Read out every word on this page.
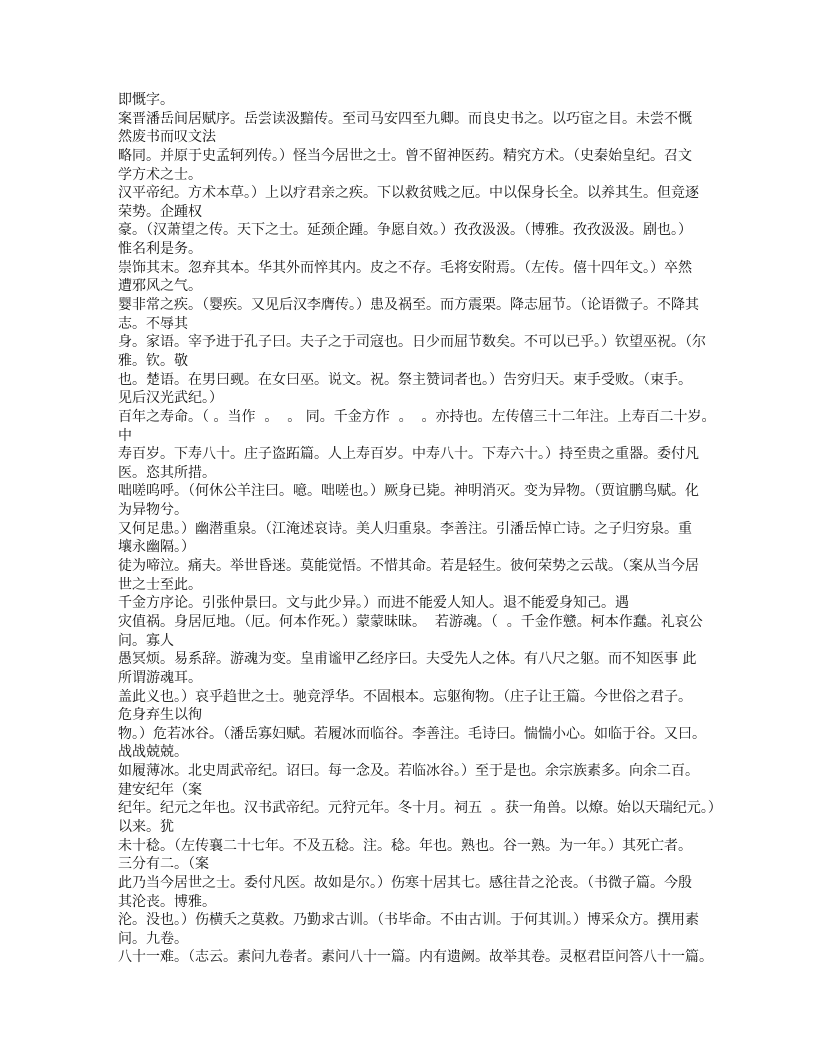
即慨字。
案晋潘岳间居赋序。岳尝读汲黯传。至司马安四至九卿。而良史书之。以巧宦之目。未尝不慨
然废书而叹文法
略同。并原于史孟轲列传。）怪当今居世之士。曾不留神医药。精究方术。（史秦始皇纪。召文
学方术之士。
汉平帝纪。方术本草。）上以疗君亲之疾。下以救贫贱之厄。中以保身长全。以养其生。但竞逐
荣势。企踵权
豪。（汉萧望之传。天下之士。延颈企踵。争愿自效。）孜孜汲汲。（博雅。孜孜汲汲。剧也。）
惟名利是务。
崇饰其末。忽弃其本。华其外而悴其内。皮之不存。毛将安附焉。（左传。僖十四年文。）卒然
遭邪风之气。
婴非常之疾。（婴疾。又见后汉李膺传。）患及祸至。而方震栗。降志屈节。（论语微子。不降其
志。不辱其
身。家语。宰予进于孔子曰。夫子之于司寇也。日少而屈节数矣。不可以已乎。）钦望巫祝。（尔
雅。钦。敬
也。楚语。在男曰觋。在女曰巫。说文。祝。祭主赞词者也。）告穷归天。束手受败。（束手。
见后汉光武纪。）
百年之寿命。（ 。当作  。  。 同。千金方作  。  。亦持也。左传僖三十二年注。上寿百二十岁。
中
寿百岁。下寿八十。庄子盗跖篇。人上寿百岁。中寿八十。下寿六十。）持至贵之重器。委付凡
医。恣其所措。
咄嗟呜呼。（何休公羊注曰。噫。咄嗟也。）厥身已毙。神明消灭。变为异物。（贾谊鹏鸟赋。化
为异物兮。
又何足患。）幽潜重泉。（江淹述哀诗。美人归重泉。李善注。引潘岳悼亡诗。之子归穷泉。重
壤永幽隔。）
徒为啼泣。痛夫。举世昏迷。莫能觉悟。不惜其命。若是轻生。彼何荣势之云哉。（案从当今居
世之士至此。
千金方序论。引张仲景曰。文与此少异。）而进不能爱人知人。退不能爱身知己。遇
灾值祸。身居厄地。（厄。何本作死。）蒙蒙昧昧。  若游魂。（  。千金作戆。柯本作蠢。礼哀公
问。寡人
愚冥烦。易系辞。游魂为变。皇甫谧甲乙经序曰。夫受先人之体。有八尺之躯。而不知医事 此
所谓游魂耳。
盖此义也。）哀乎趋世之士。驰竞浮华。不固根本。忘躯徇物。（庄子让王篇。今世俗之君子。
危身弃生以徇
物。）危若冰谷。（潘岳寡妇赋。若履冰而临谷。李善注。毛诗曰。惴惴小心。如临于谷。又曰。
战战兢兢。
如履薄冰。北史周武帝纪。诏曰。每一念及。若临冰谷。）至于是也。余宗族素多。向余二百。
建安纪年（案
纪年。纪元之年也。汉书武帝纪。元狩元年。冬十月。祠五  。获一角兽。以燎。始以天瑞纪元。）
以来。犹
未十稔。（左传襄二十七年。不及五稔。注。稔。年也。熟也。谷一熟。为一年。）其死亡者。
三分有二。（案
此乃当今居世之士。委付凡医。故如是尔。）伤寒十居其七。感往昔之沦丧。（书微子篇。今殷
其沦丧。博雅。
沦。没也。）伤横夭之莫救。乃勤求古训。（书毕命。不由古训。于何其训。）博采众方。撰用素
问。九卷。
八十一难。（志云。素问九卷者。素问八十一篇。内有遗阙。故举其卷。灵枢君臣问答八十一篇。
